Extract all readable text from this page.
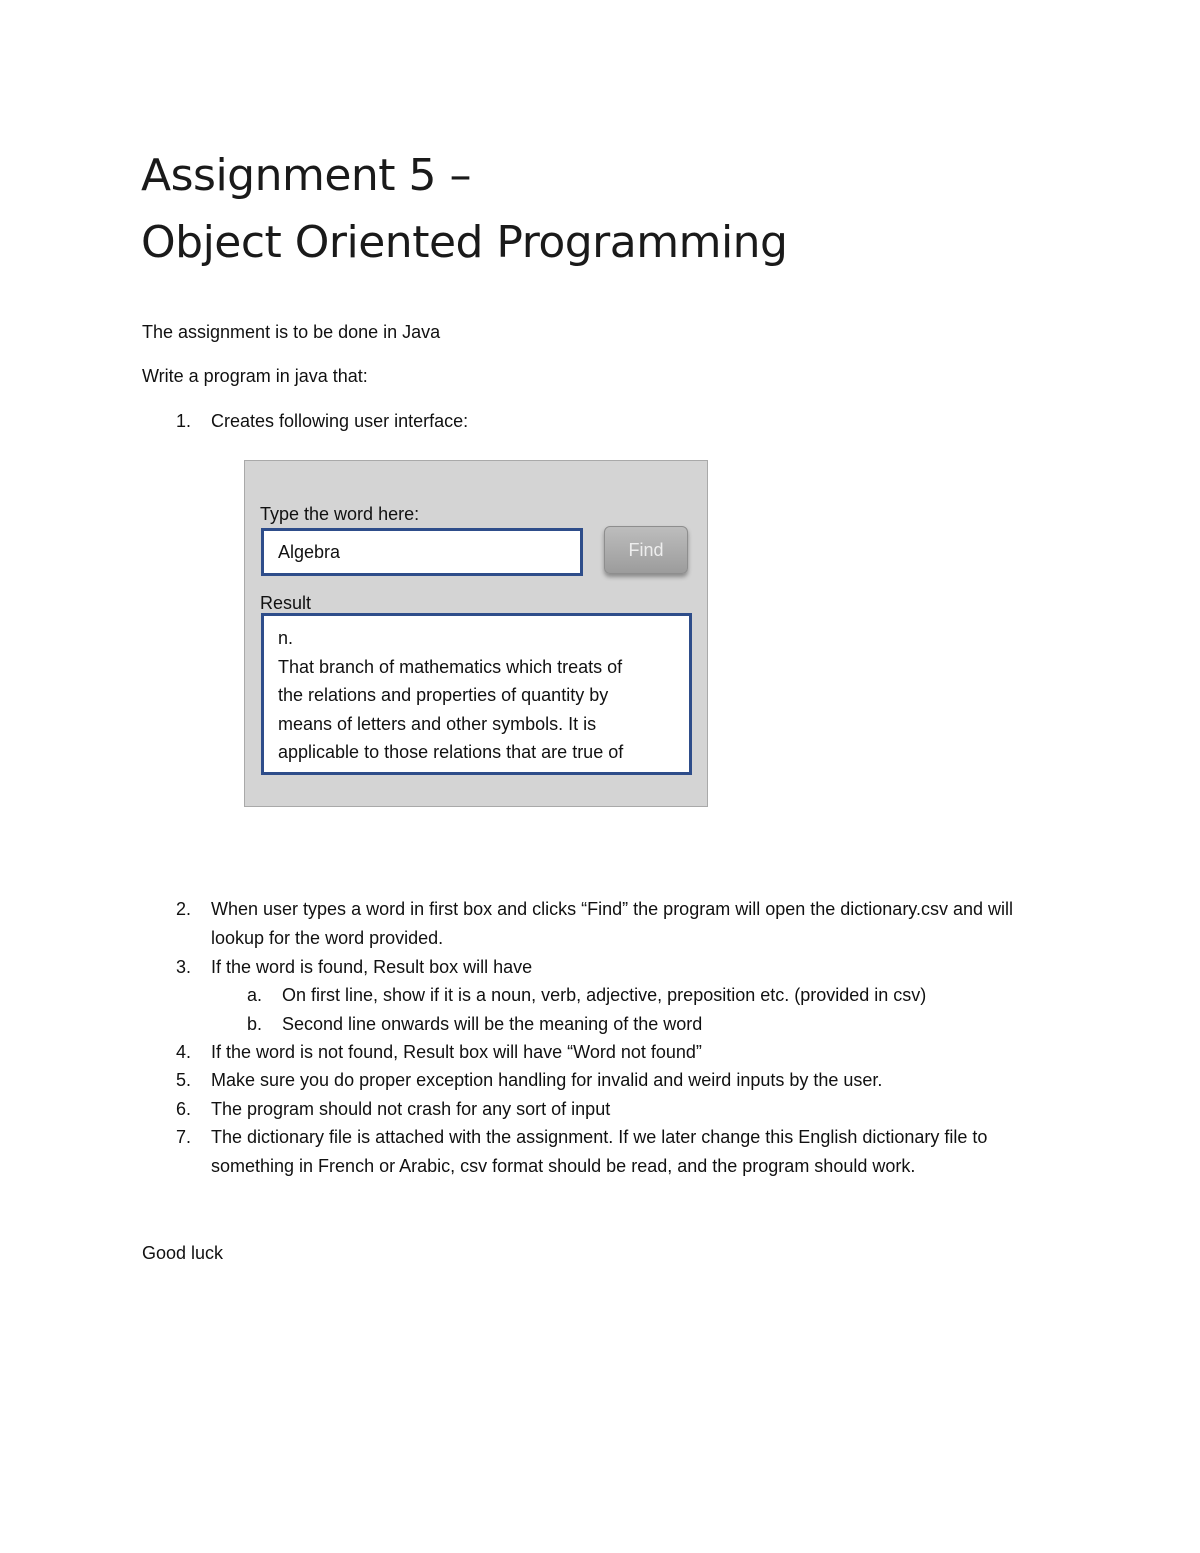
Assignment 5 –
Object Oriented Programming

The assignment is to be done in Java

Write a program in java that:

1.	Creates following user interface:
Type the word here:
Algebra
Find
Result
n.
That branch of mathematics which treats of
the relations and properties of quantity by
means of letters and other symbols. It is
applicable to those relations that are true of
2.	When user types a word in first box and clicks “Find” the program will open the dictionary.csv and will lookup for the word provided.
3.	If the word is found, Result box will have
a.	On first line, show if it is a noun, verb, adjective, preposition etc. (provided in csv)
b.	Second line onwards will be the meaning of the word
4.	If the word is not found, Result box will have “Word not found”
5.	Make sure you do proper exception handling for invalid and weird inputs by the user.
6.	The program should not crash for any sort of input
7.	The dictionary file is attached with the assignment. If we later change this English dictionary file to something in French or Arabic, csv format should be read, and the program should work.

Good luck
